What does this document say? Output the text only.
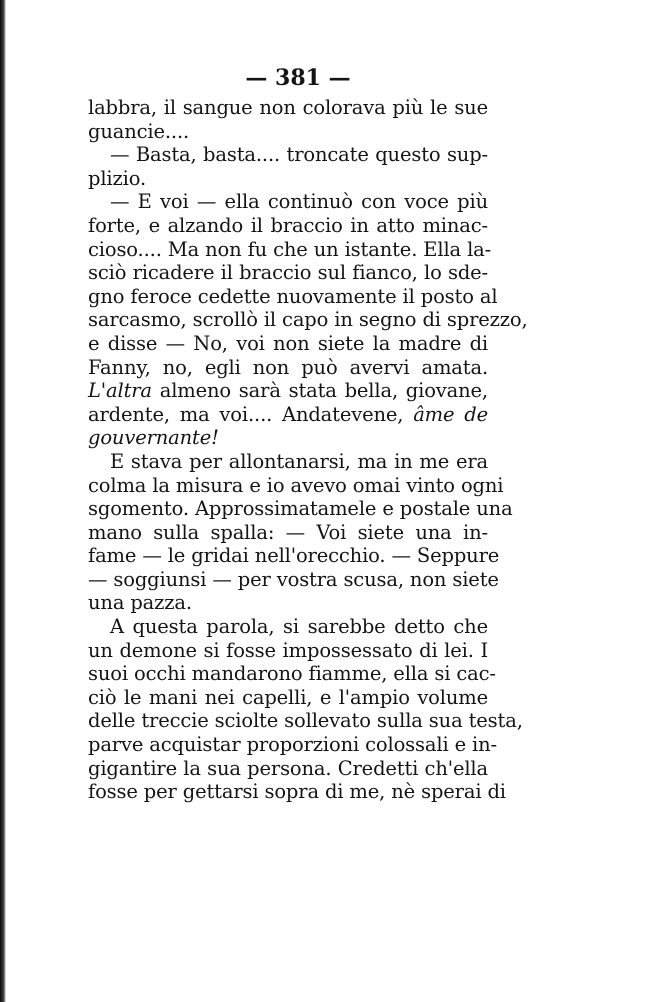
— 381 —

labbra, il sangue non colorava più le sue
guancie....

— Basta, basta.... troncate questo sup-
plizio.

— E voi — ella continuò con voce più
forte, e alzando il braccio in atto minac-
cioso.... Ma non fu che un istante. Ella la-
sciò ricadere il braccio sul fianco, lo sde-
gno feroce cedette nuovamente il posto al
sarcasmo, scrollò il capo in segno di sprezzo,
e disse — No, voi non siete la madre di
Fanny, no, egli non può avervi amata.
L'altra almeno sarà stata bella, giovane,
ardente, ma voi.... Andatevene, âme de
gouvernante!

E stava per allontanarsi, ma in me era
colma la misura e io avevo omai vinto ogni
sgomento. Approssimatamele e postale una
mano sulla spalla: — Voi siete una in-
fame — le gridai nell'orecchio. — Seppure
— soggiunsi — per vostra scusa, non siete
una pazza.

A questa parola, si sarebbe detto che
un demone si fosse impossessato di lei. I
suoi occhi mandarono fiamme, ella si cac-
ciò le mani nei capelli, e l'ampio volume
delle treccie sciolte sollevato sulla sua testa,
parve acquistar proporzioni colossali e in-
gigantire la sua persona. Credetti ch'ella
fosse per gettarsi sopra di me, nè sperai di
